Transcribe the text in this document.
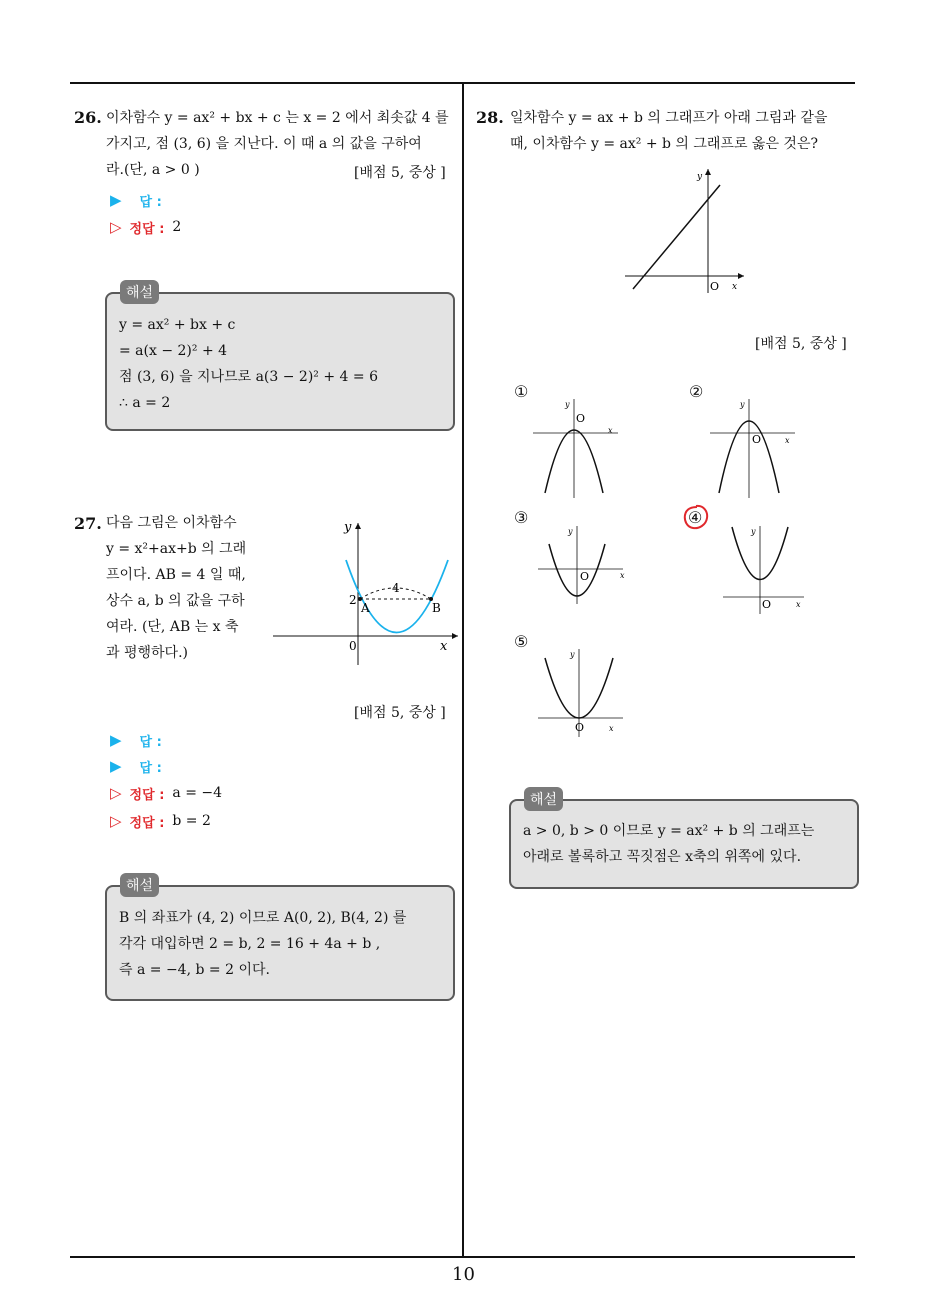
10
26. 이차함수 y = ax² + bx + c 는 x = 2 에서 최솟값 4 를
가지고, 점 (3, 6) 을 지난다. 이 때 a 의 값을 구하여
라.(단, a > 0 )	[배점 5, 중상 ]
▶ 답 :
▷ 정답 : 2
y = ax² + bx + c
= a(x − 2)² + 4
점 (3, 6) 을 지나므로 a(3 − 2)² + 4 = 6
∴ a = 2
해설
27. 다음 그림은 이차함수
y = x²+ax+b 의 그래
프이다. AB = 4 일 때,
상수 a, b 의 값을 구하
여라. (단, AB 는 x 축
과 평행하다.)
y
x
0
2
4
A	B
[배점 5, 중상 ]
▶ 답 :
▶ 답 :
▷ 정답 : a = −4
▷ 정답 : b = 2
B 의 좌표가 (4, 2) 이므로 A(0, 2), B(4, 2) 를
각각 대입하면 2 = b, 2 = 16 + 4a + b ,
즉 a = −4, b = 2 이다.
해설
28. 일차함수 y = ax + b 의 그래프가 아래 그림과 같을
때, 이차함수 y = ax² + b 의 그래프로 옳은 것은?
y
x
O
[배점 5, 중상 ]
①
y
x
O
②
y
x
O
③
y
x
O
④
y
x
O
⑤
y
x
O
a > 0, b > 0 이므로 y = ax² + b 의 그래프는
아래로 볼록하고 꼭짓점은 x축의 위쪽에 있다.
해설
